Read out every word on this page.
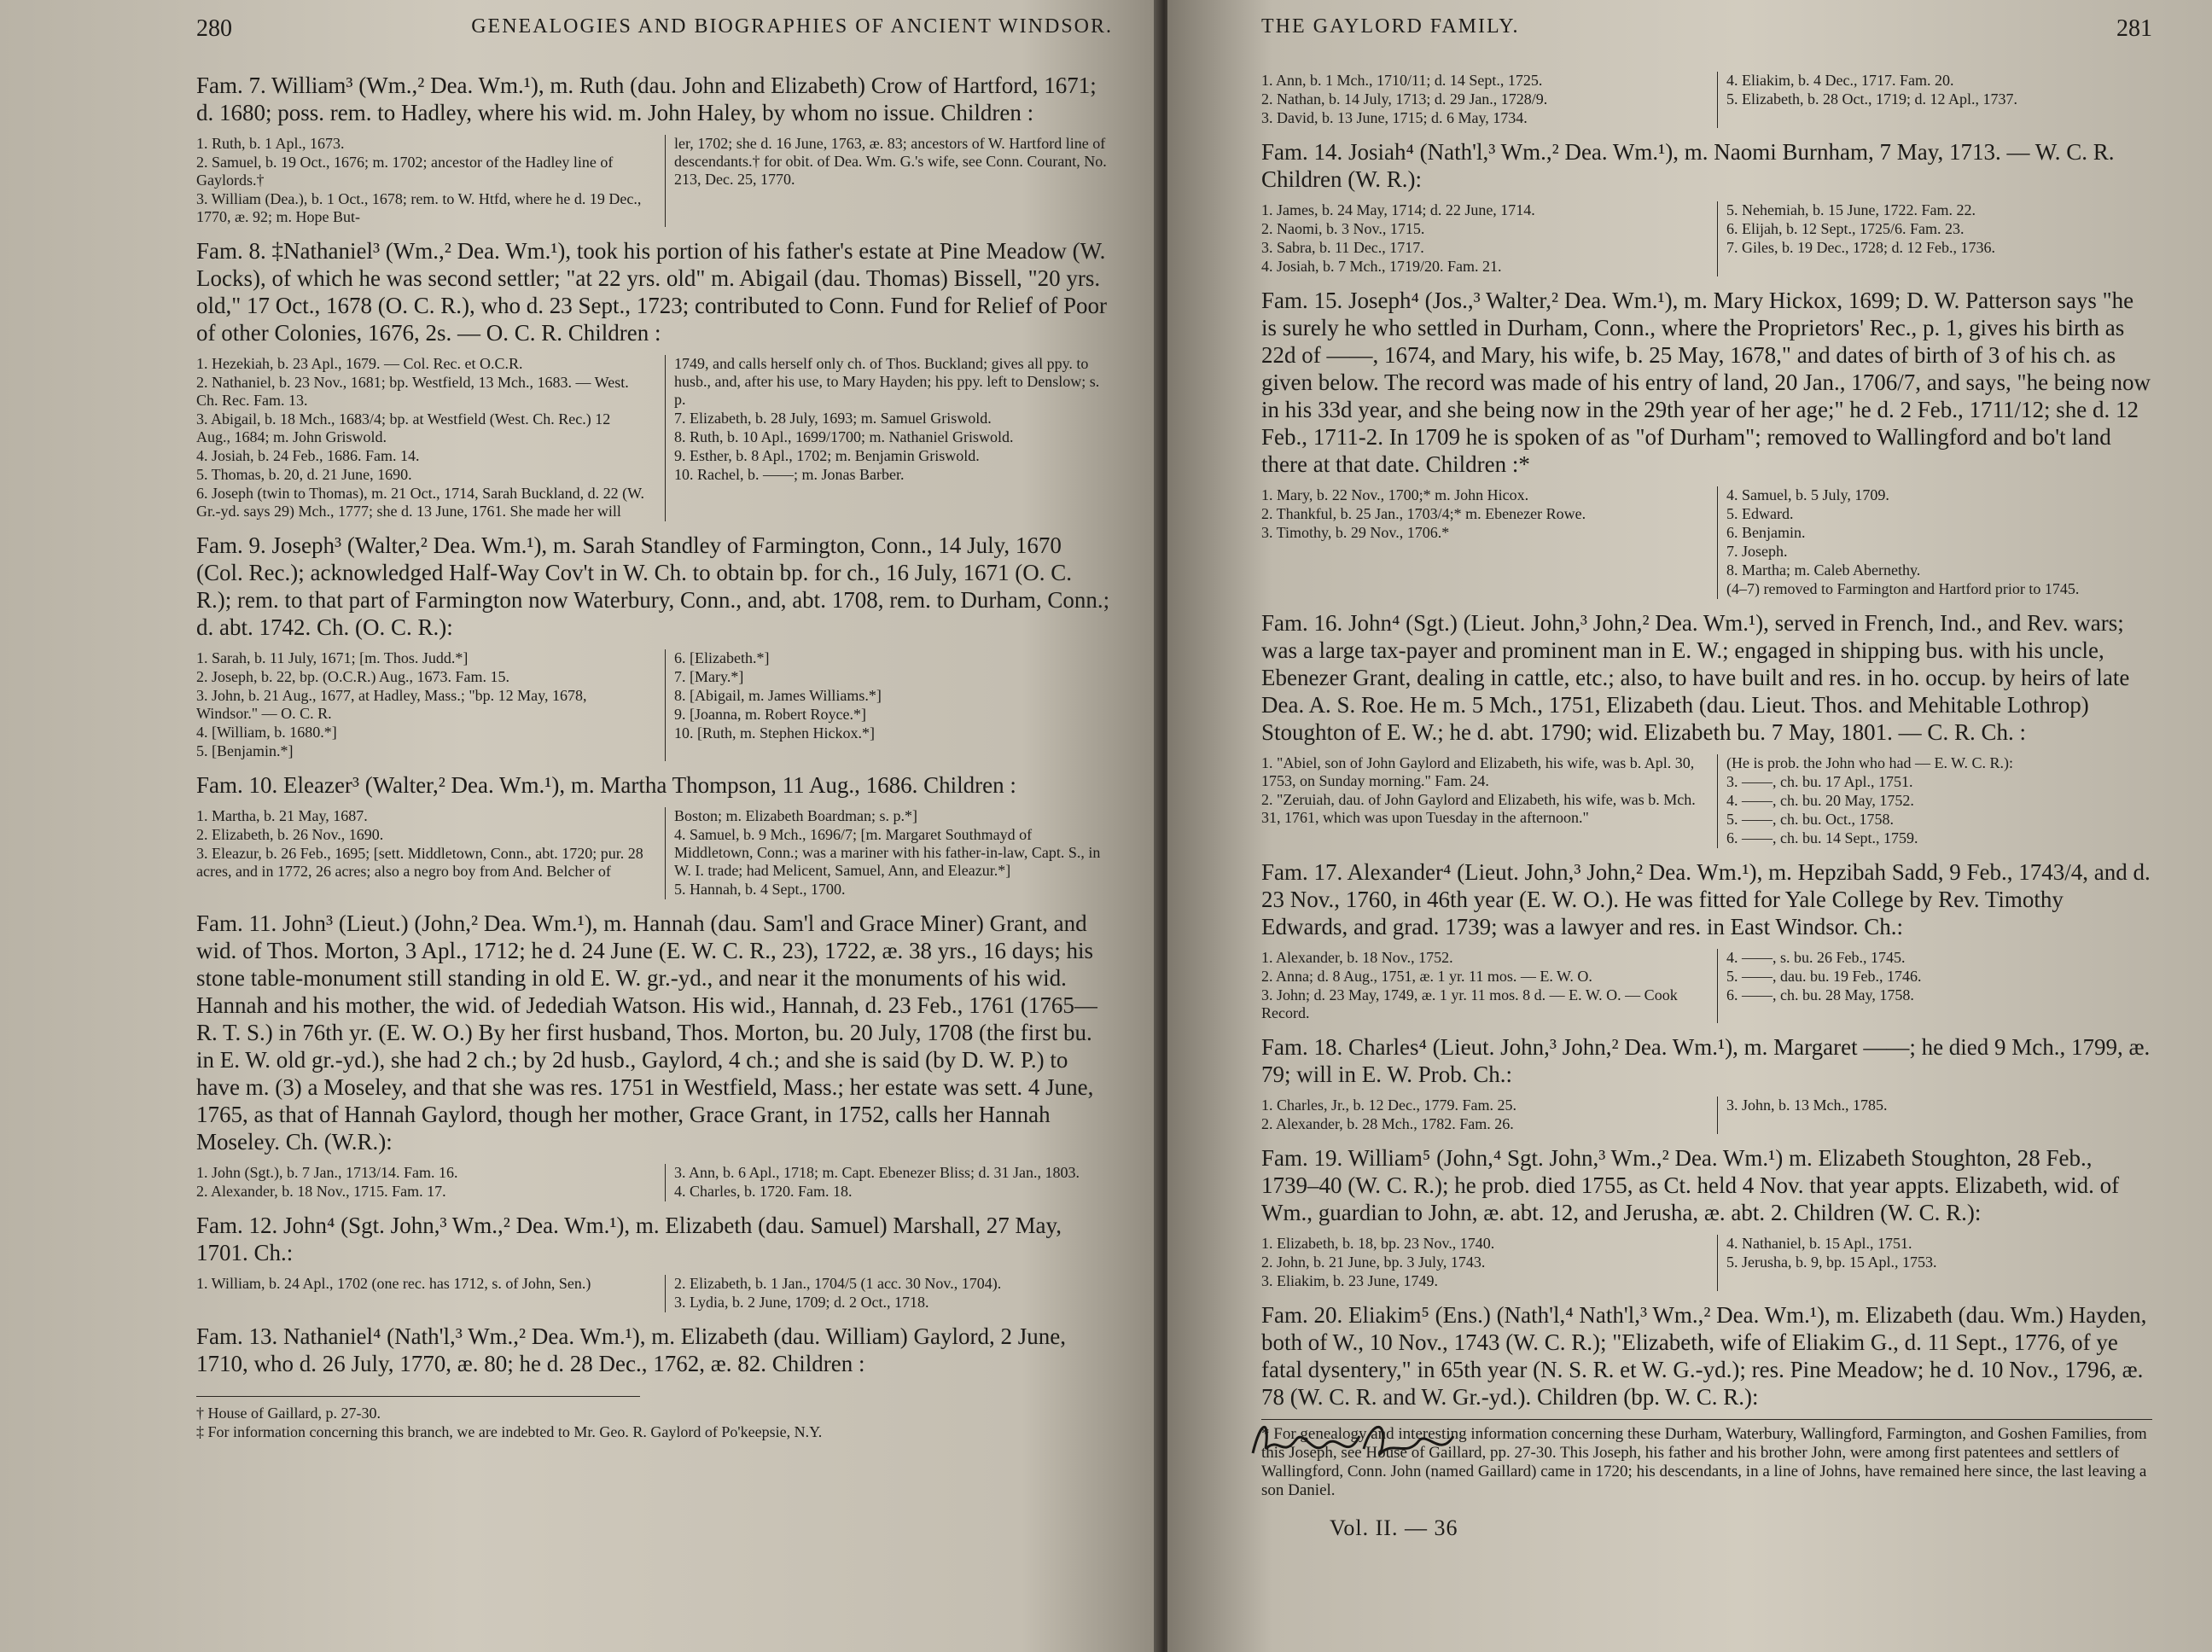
280	GENEALOGIES AND BIOGRAPHIES OF ANCIENT WINDSOR.
Fam. 7. William³ (Wm.,² Dea. Wm.¹), m. Ruth (dau. John and Elizabeth) Crow of Hartford, 1671; d. 1680; poss. rem. to Hadley, where his wid. m. John Haley, by whom no issue. Children :
1. Ruth, b. 1 Apl., 1673.
2. Samuel, b. 19 Oct., 1676; m. 1702; ancestor of the Hadley line of Gaylords.†
3. William (Dea.), b. 1 Oct., 1678; rem. to W. Htfd, where he d. 19 Dec., 1770, æ. 92; m. Hope But-
ler, 1702; she d. 16 June, 1763, æ. 83; ancestors of W. Hartford line of descendants.† for obit. of Dea. Wm. G.'s wife, see Conn. Courant, No. 213, Dec. 25, 1770.
Fam. 8. ‡Nathaniel³ (Wm.,² Dea. Wm.¹), took his portion of his father's estate at Pine Meadow (W. Locks), of which he was second settler; "at 22 yrs. old" m. Abigail (dau. Thomas) Bissell, "20 yrs. old," 17 Oct., 1678 (O. C. R.), who d. 23 Sept., 1723; contributed to Conn. Fund for Relief of Poor of other Colonies, 1676, 2s. — O. C. R. Children :
1. Hezekiah, b. 23 Apl., 1679. — Col. Rec. et O.C.R.
2. Nathaniel, b. 23 Nov., 1681; bp. Westfield, 13 Mch., 1683. — West. Ch. Rec. Fam. 13.
3. Abigail, b. 18 Mch., 1683/4; bp. at Westfield (West. Ch. Rec.) 12 Aug., 1684; m. John Griswold.
4. Josiah, b. 24 Feb., 1686. Fam. 14.
5. Thomas, b. 20, d. 21 June, 1690.
6. Joseph (twin to Thomas), m. 21 Oct., 1714, Sarah Buckland, d. 22 (W. Gr.-yd. says 29) Mch., 1777; she d. 13 June, 1761. She made her will
1749, and calls herself only ch. of Thos. Buckland; gives all ppy. to husb., and, after his use, to Mary Hayden; his ppy. left to Denslow; s. p.
7. Elizabeth, b. 28 July, 1693; m. Samuel Griswold.
8. Ruth, b. 10 Apl., 1699/1700; m. Nathaniel Griswold.
9. Esther, b. 8 Apl., 1702; m. Benjamin Griswold.
10. Rachel, b. ——; m. Jonas Barber.
Fam. 9. Joseph³ (Walter,² Dea. Wm.¹), m. Sarah Standley of Farmington, Conn., 14 July, 1670 (Col. Rec.); acknowledged Half-Way Cov't in W. Ch. to obtain bp. for ch., 16 July, 1671 (O. C. R.); rem. to that part of Farmington now Waterbury, Conn., and, abt. 1708, rem. to Durham, Conn.; d. abt. 1742. Ch. (O. C. R.):
1. Sarah, b. 11 July, 1671; [m. Thos. Judd.*]
2. Joseph, b. 22, bp. (O.C.R.) Aug., 1673. Fam. 15.
3. John, b. 21 Aug., 1677, at Hadley, Mass.; "bp. 12 May, 1678, Windsor." — O. C. R.
4. [William, b. 1680.*]
5. [Benjamin.*]
6. [Elizabeth.*]
7. [Mary.*]
8. [Abigail, m. James Williams.*]
9. [Joanna, m. Robert Royce.*]
10. [Ruth, m. Stephen Hickox.*]
Fam. 10. Eleazer³ (Walter,² Dea. Wm.¹), m. Martha Thompson, 11 Aug., 1686. Children :
1. Martha, b. 21 May, 1687.
2. Elizabeth, b. 26 Nov., 1690.
3. Eleazur, b. 26 Feb., 1695; [sett. Middletown, Conn., abt. 1720; pur. 28 acres, and in 1772, 26 acres; also a negro boy from And. Belcher of
Boston; m. Elizabeth Boardman; s. p.*]
4. Samuel, b. 9 Mch., 1696/7; [m. Margaret Southmayd of Middletown, Conn.; was a mariner with his father-in-law, Capt. S., in W. I. trade; had Melicent, Samuel, Ann, and Eleazur.*]
5. Hannah, b. 4 Sept., 1700.
Fam. 11. John³ (Lieut.) (John,² Dea. Wm.¹), m. Hannah (dau. Sam'l and Grace Miner) Grant, and wid. of Thos. Morton, 3 Apl., 1712; he d. 24 June (E. W. C. R., 23), 1722, æ. 38 yrs., 16 days; his stone table-monument still standing in old E. W. gr.-yd., and near it the monuments of his wid. Hannah and his mother, the wid. of Jedediah Watson. His wid., Hannah, d. 23 Feb., 1761 (1765—R. T. S.) in 76th yr. (E. W. O.) By her first husband, Thos. Morton, bu. 20 July, 1708 (the first bu. in E. W. old gr.-yd.), she had 2 ch.; by 2d husb., Gaylord, 4 ch.; and she is said (by D. W. P.) to have m. (3) a Moseley, and that she was res. 1751 in Westfield, Mass.; her estate was sett. 4 June, 1765, as that of Hannah Gaylord, though her mother, Grace Grant, in 1752, calls her Hannah Moseley. Ch. (W.R.):
1. John (Sgt.), b. 7 Jan., 1713/14. Fam. 16.
2. Alexander, b. 18 Nov., 1715. Fam. 17.
3. Ann, b. 6 Apl., 1718; m. Capt. Ebenezer Bliss; d. 31 Jan., 1803.
4. Charles, b. 1720. Fam. 18.
Fam. 12. John⁴ (Sgt. John,³ Wm.,² Dea. Wm.¹), m. Elizabeth (dau. Samuel) Marshall, 27 May, 1701. Ch.:
1. William, b. 24 Apl., 1702 (one rec. has 1712, s. of John, Sen.)	2. Elizabeth, b. 1 Jan., 1704/5 (1 acc. 30 Nov., 1704).
3. Lydia, b. 2 June, 1709; d. 2 Oct., 1718.
Fam. 13. Nathaniel⁴ (Nath'l,³ Wm.,² Dea. Wm.¹), m. Elizabeth (dau. William) Gaylord, 2 June, 1710, who d. 26 July, 1770, æ. 80; he d. 28 Dec., 1762, æ. 82. Children :
† House of Gaillard, p. 27-30.
‡ For information concerning this branch, we are indebted to Mr. Geo. R. Gaylord of Po'keepsie, N.Y.
THE GAYLORD FAMILY.	281
1. Ann, b. 1 Mch., 1710/11; d. 14 Sept., 1725.
2. Nathan, b. 14 July, 1713; d. 29 Jan., 1728/9.
3. David, b. 13 June, 1715; d. 6 May, 1734.
4. Eliakim, b. 4 Dec., 1717. Fam. 20.
5. Elizabeth, b. 28 Oct., 1719; d. 12 Apl., 1737.
Fam. 14. Josiah⁴ (Nath'l,³ Wm.,² Dea. Wm.¹), m. Naomi Burnham, 7 May, 1713. — W. C. R. Children (W. R.):
1. James, b. 24 May, 1714; d. 22 June, 1714.
2. Naomi, b. 3 Nov., 1715.
3. Sabra, b. 11 Dec., 1717.
4. Josiah, b. 7 Mch., 1719/20. Fam. 21.
5. Nehemiah, b. 15 June, 1722. Fam. 22.
6. Elijah, b. 12 Sept., 1725/6. Fam. 23.
7. Giles, b. 19 Dec., 1728; d. 12 Feb., 1736.
Fam. 15. Joseph⁴ (Jos.,³ Walter,² Dea. Wm.¹), m. Mary Hickox, 1699; D. W. Patterson says "he is surely he who settled in Durham, Conn., where the Proprietors' Rec., p. 1, gives his birth as 22d of ——, 1674, and Mary, his wife, b. 25 May, 1678," and dates of birth of 3 of his ch. as given below. The record was made of his entry of land, 20 Jan., 1706/7, and says, "he being now in his 33d year, and she being now in the 29th year of her age;" he d. 2 Feb., 1711/12; she d. 12 Feb., 1711-2. In 1709 he is spoken of as "of Durham"; removed to Wallingford and bo't land there at that date. Children :*
1. Mary, b. 22 Nov., 1700;* m. John Hicox.
2. Thankful, b. 25 Jan., 1703/4;* m. Ebenezer Rowe.
3. Timothy, b. 29 Nov., 1706.*
4. Samuel, b. 5 July, 1709.
5. Edward.
6. Benjamin.
7. Joseph.
8. Martha; m. Caleb Abernethy.
(4–7) removed to Farmington and Hartford prior to 1745.
Fam. 16. John⁴ (Sgt.) (Lieut. John,³ John,² Dea. Wm.¹), served in French, Ind., and Rev. wars; was a large tax-payer and prominent man in E. W.; engaged in shipping bus. with his uncle, Ebenezer Grant, dealing in cattle, etc.; also, to have built and res. in ho. occup. by heirs of late Dea. A. S. Roe. He m. 5 Mch., 1751, Elizabeth (dau. Lieut. Thos. and Mehitable Lothrop) Stoughton of E. W.; he d. abt. 1790; wid. Elizabeth bu. 7 May, 1801. — C. R. Ch. :
1. "Abiel, son of John Gaylord and Elizabeth, his wife, was b. Apl. 30, 1753, on Sunday morning." Fam. 24.
2. "Zeruiah, dau. of John Gaylord and Elizabeth, his wife, was b. Mch. 31, 1761, which was upon Tuesday in the afternoon."
(He is prob. the John who had — E. W. C. R.):
3. ——, ch. bu. 17 Apl., 1751.
4. ——, ch. bu. 20 May, 1752.
5. ——, ch. bu. Oct., 1758.
6. ——, ch. bu. 14 Sept., 1759.
Fam. 17. Alexander⁴ (Lieut. John,³ John,² Dea. Wm.¹), m. Hepzibah Sadd, 9 Feb., 1743/4, and d. 23 Nov., 1760, in 46th year (E. W. O.). He was fitted for Yale College by Rev. Timothy Edwards, and grad. 1739; was a lawyer and res. in East Windsor. Ch.:
1. Alexander, b. 18 Nov., 1752.
2. Anna; d. 8 Aug., 1751, æ. 1 yr. 11 mos. — E. W. O.
3. John; d. 23 May, 1749, æ. 1 yr. 11 mos. 8 d. — E. W. O. — Cook Record.
4. ——, s. bu. 26 Feb., 1745.
5. ——, dau. bu. 19 Feb., 1746.
6. ——, ch. bu. 28 May, 1758.
Fam. 18. Charles⁴ (Lieut. John,³ John,² Dea. Wm.¹), m. Margaret ——; he died 9 Mch., 1799, æ. 79; will in E. W. Prob. Ch.:
1. Charles, Jr., b. 12 Dec., 1779. Fam. 25.
2. Alexander, b. 28 Mch., 1782. Fam. 26.
3. John, b. 13 Mch., 1785.
Fam. 19. William⁵ (John,⁴ Sgt. John,³ Wm.,² Dea. Wm.¹) m. Elizabeth Stoughton, 28 Feb., 1739–40 (W. C. R.); he prob. died 1755, as Ct. held 4 Nov. that year appts. Elizabeth, wid. of Wm., guardian to John, æ. abt. 12, and Jerusha, æ. abt. 2. Children (W. C. R.):
1. Elizabeth, b. 18, bp. 23 Nov., 1740.
2. John, b. 21 June, bp. 3 July, 1743.
3. Eliakim, b. 23 June, 1749.
4. Nathaniel, b. 15 Apl., 1751.
5. Jerusha, b. 9, bp. 15 Apl., 1753.
Fam. 20. Eliakim⁵ (Ens.) (Nath'l,⁴ Nath'l,³ Wm.,² Dea. Wm.¹), m. Elizabeth (dau. Wm.) Hayden, both of W., 10 Nov., 1743 (W. C. R.); "Elizabeth, wife of Eliakim G., d. 11 Sept., 1776, of ye fatal dysentery," in 65th year (N. S. R. et W. G.-yd.); res. Pine Meadow; he d. 10 Nov., 1796, æ. 78 (W. C. R. and W. Gr.-yd.). Children (bp. W. C. R.):
* For genealogy and interesting information concerning these Durham, Waterbury, Wallingford, Farmington, and Goshen Families, from this Joseph, see House of Gaillard, pp. 27-30. This Joseph, his father and his brother John, were among first patentees and settlers of Wallingford, Conn. John (named Gaillard) came in 1720; his descendants, in a line of Johns, have remained here since, the last leaving a son Daniel.
Vol. II. — 36
